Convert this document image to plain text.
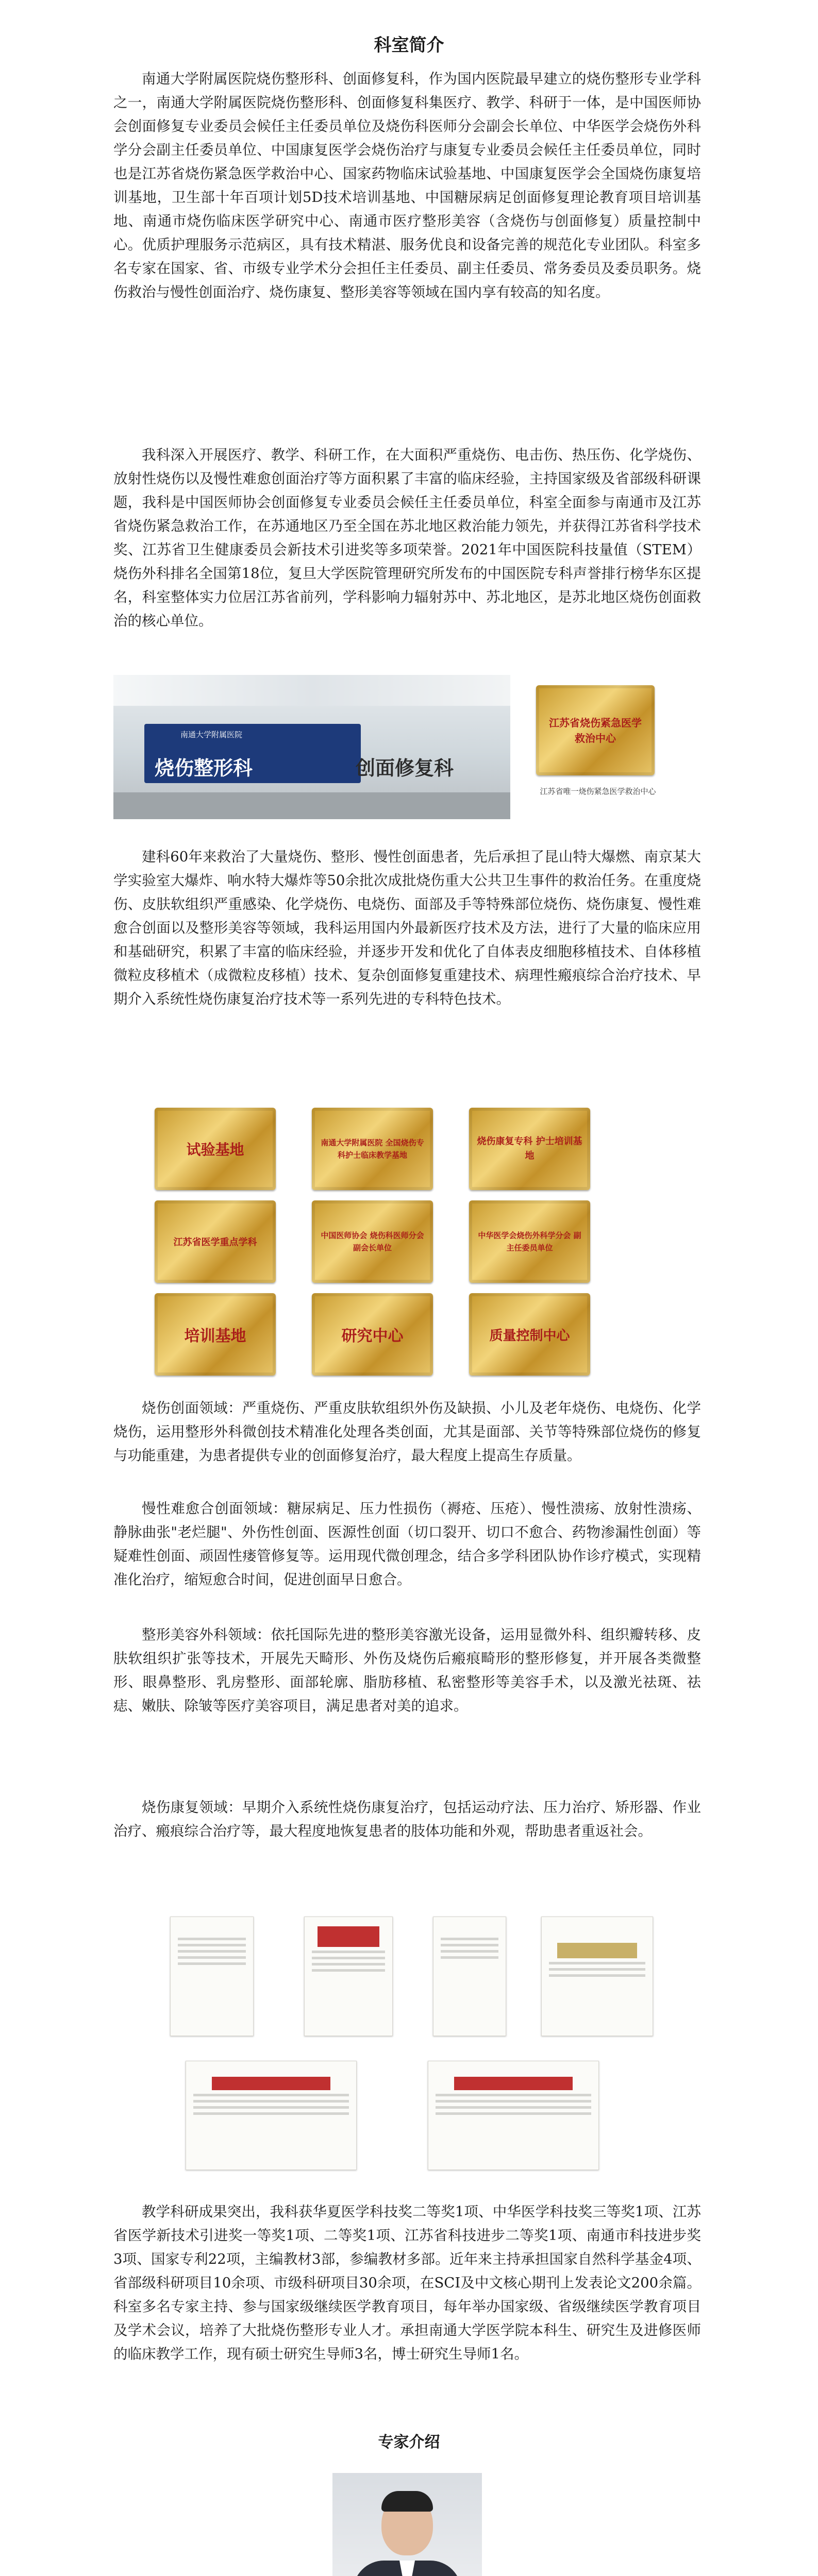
科室简介

南通大学附属医院烧伤整形科、创面修复科，作为国内医院最早建立的烧伤整形专业学科之一，南通大学附属医院烧伤整形科、创面修复科集医疗、教学、科研于一体，是中国医师协会创面修复专业委员会候任主任委员单位及烧伤科医师分会副会长单位、中华医学会烧伤外科学分会副主任委员单位、中国康复医学会烧伤治疗与康复专业委员会候任主任委员单位，同时也是江苏省烧伤紧急医学救治中心、国家药物临床试验基地、中国康复医学会全国烧伤康复培训基地，卫生部十年百项计划5D技术培训基地、中国糖尿病足创面修复理论教育项目培训基地、南通市烧伤临床医学研究中心、南通市医疗整形美容（含烧伤与创面修复）质量控制中心。优质护理服务示范病区，具有技术精湛、服务优良和设备完善的规范化专业团队。科室多名专家在国家、省、市级专业学术分会担任主任委员、副主任委员、常务委员及委员职务。烧伤救治与慢性创面治疗、烧伤康复、整形美容等领域在国内享有较高的知名度。

我科深入开展医疗、教学、科研工作，在大面积严重烧伤、电击伤、热压伤、化学烧伤、放射性烧伤以及慢性难愈创面治疗等方面积累了丰富的临床经验，主持国家级及省部级科研课题，我科是中国医师协会创面修复专业委员会候任主任委员单位，科室全面参与南通市及江苏省烧伤紧急救治工作，在苏通地区乃至全国在苏北地区救治能力领先，并获得江苏省科学技术奖、江苏省卫生健康委员会新技术引进奖等多项荣誉。2021年中国医院科技量值（STEM）烧伤外科排名全国第18位，复旦大学医院管理研究所发布的中国医院专科声誉排行榜华东区提名，科室整体实力位居江苏省前列，学科影响力辐射苏中、苏北地区，是苏北地区烧伤创面救治的核心单位。

南通大学附属医院
烧伤整形科	创面修复科
江苏省烧伤紧急医学 救治中心
江苏省唯一烧伤紧急医学救治中心

建科60年来救治了大量烧伤、整形、慢性创面患者，先后承担了昆山特大爆燃、南京某大学实验室大爆炸、响水特大爆炸等50余批次成批烧伤重大公共卫生事件的救治任务。在重度烧伤、皮肤软组织严重感染、化学烧伤、电烧伤、面部及手等特殊部位烧伤、烧伤康复、慢性难愈合创面以及整形美容等领域，我科运用国内外最新医疗技术及方法，进行了大量的临床应用和基础研究，积累了丰富的临床经验，并逐步开发和优化了自体表皮细胞移植技术、自体移植微粒皮移植术（成微粒皮移植）技术、复杂创面修复重建技术、病理性瘢痕综合治疗技术、早期介入系统性烧伤康复治疗技术等一系列先进的专科特色技术。

试验基地	南通大学附属医院 全国烧伤专科护士临床教学基地
烧伤康复专科 护士培训基地
江苏省医学重点学科
中国医师协会 烧伤科医师分会 副会长单位
中华医学会烧伤外科学分会 副主任委员单位
培训基地	研究中心	质量控制中心

烧伤创面领域：严重烧伤、严重皮肤软组织外伤及缺损、小儿及老年烧伤、电烧伤、化学烧伤，运用整形外科微创技术精准化处理各类创面，尤其是面部、关节等特殊部位烧伤的修复与功能重建，为患者提供专业的创面修复治疗，最大程度上提高生存质量。

慢性难愈合创面领域：糖尿病足、压力性损伤（褥疮、压疮）、慢性溃疡、放射性溃疡、静脉曲张"老烂腿"、外伤性创面、医源性创面（切口裂开、切口不愈合、药物渗漏性创面）等疑难性创面、顽固性瘘管修复等。运用现代微创理念，结合多学科团队协作诊疗模式，实现精准化治疗，缩短愈合时间，促进创面早日愈合。

整形美容外科领域：依托国际先进的整形美容激光设备，运用显微外科、组织瓣转移、皮肤软组织扩张等技术，开展先天畸形、外伤及烧伤后瘢痕畸形的整形修复，并开展各类微整形、眼鼻整形、乳房整形、面部轮廓、脂肪移植、私密整形等美容手术，以及激光祛斑、祛痣、嫩肤、除皱等医疗美容项目，满足患者对美的追求。

烧伤康复领域：早期介入系统性烧伤康复治疗，包括运动疗法、压力治疗、矫形器、作业治疗、瘢痕综合治疗等，最大程度地恢复患者的肢体功能和外观，帮助患者重返社会。

教学科研成果突出，我科获华夏医学科技奖二等奖1项、中华医学科技奖三等奖1项、江苏省医学新技术引进奖一等奖1项、二等奖1项、江苏省科技进步二等奖1项、南通市科技进步奖3项、国家专利22项，主编教材3部，参编教材多部。近年来主持承担国家自然科学基金4项、省部级科研项目10余项、市级科研项目30余项，在SCI及中文核心期刊上发表论文200余篇。科室多名专家主持、参与国家级继续医学教育项目，每年举办国家级、省级继续医学教育项目及学术会议，培养了大批烧伤整形专业人才。承担南通大学医学院本科生、研究生及进修医师的临床教学工作，现有硕士研究生导师3名，博士研究生导师1名。

专家介绍
